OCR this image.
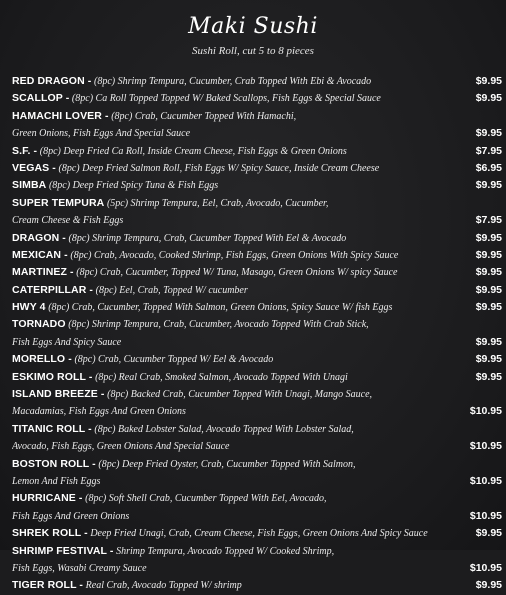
Maki Sushi
Sushi Roll, cut 5 to 8 pieces
RED DRAGON - (8pc) Shrimp Tempura, Cucumber, Crab Topped With Ebi & Avocado	$9.95
SCALLOP - (8pc) Ca Roll Topped Topped W/ Baked Scallops, Fish Eggs & Special Sauce	$9.95
HAMACHI LOVER - (8pc) Crab, Cucumber Topped With Hamachi,
Green Onions, Fish Eggs And Special Sauce	$9.95
S.F. - (8pc) Deep Fried Ca Roll, Inside Cream Cheese, Fish Eggs & Green Onions	$7.95
VEGAS - (8pc) Deep Fried Salmon Roll, Fish Eggs W/ Spicy Sauce, Inside Cream Cheese	$6.95
SIMBA (8pc) Deep Fried Spicy Tuna & Fish Eggs	$9.95
SUPER TEMPURA (5pc) Shrimp Tempura, Eel, Crab, Avocado, Cucumber,
Cream Cheese & Fish Eggs	$7.95
DRAGON - (8pc) Shrimp Tempura, Crab, Cucumber Topped With Eel & Avocado	$9.95
MEXICAN - (8pc) Crab, Avocado, Cooked Shrimp, Fish Eggs, Green Onions With Spicy Sauce	$9.95
MARTINEZ - (8pc) Crab, Cucumber, Topped W/ Tuna, Masago, Green Onions W/ spicy Sauce	$9.95
CATERPILLAR - (8pc) Eel, Crab, Topped W/ cucumber	$9.95
HWY 4 (8pc) Crab, Cucumber, Topped With Salmon, Green Onions, Spicy Sauce W/ fish Eggs	$9.95
TORNADO (8pc) Shrimp Tempura, Crab, Cucumber, Avocado Topped With Crab Stick,
Fish Eggs And Spicy Sauce	$9.95
MORELLO - (8pc) Crab, Cucumber Topped W/ Eel & Avocado	$9.95
ESKIMO ROLL - (8pc) Real Crab, Smoked Salmon, Avocado Topped With Unagi	$9.95
ISLAND BREEZE - (8pc) Backed Crab, Cucumber Topped With Unagi, Mango Sauce,
Macadamias, Fish Eggs And Green Onions	$10.95
TITANIC ROLL - (8pc) Baked Lobster Salad, Avocado Topped With Lobster Salad,
Avocado, Fish Eggs, Green Onions And Special Sauce	$10.95
BOSTON ROLL - (8pc) Deep Fried Oyster, Crab, Cucumber Topped With Salmon,
Lemon And Fish Eggs	$10.95
HURRICANE - (8pc) Soft Shell Crab, Cucumber Topped With Eel, Avocado,
Fish Eggs And Green Onions	$10.95
SHREK ROLL - Deep Fried Unagi, Crab, Cream Cheese, Fish Eggs, Green Onions And Spicy Sauce	$9.95
SHRIMP FESTIVAL - Shrimp Tempura, Avocado Topped W/ Cooked Shrimp,
Fish Eggs, Wasabi Creamy Sauce	$10.95
TIGER ROLL - Real Crab, Avocado Topped W/ shrimp	$9.95
